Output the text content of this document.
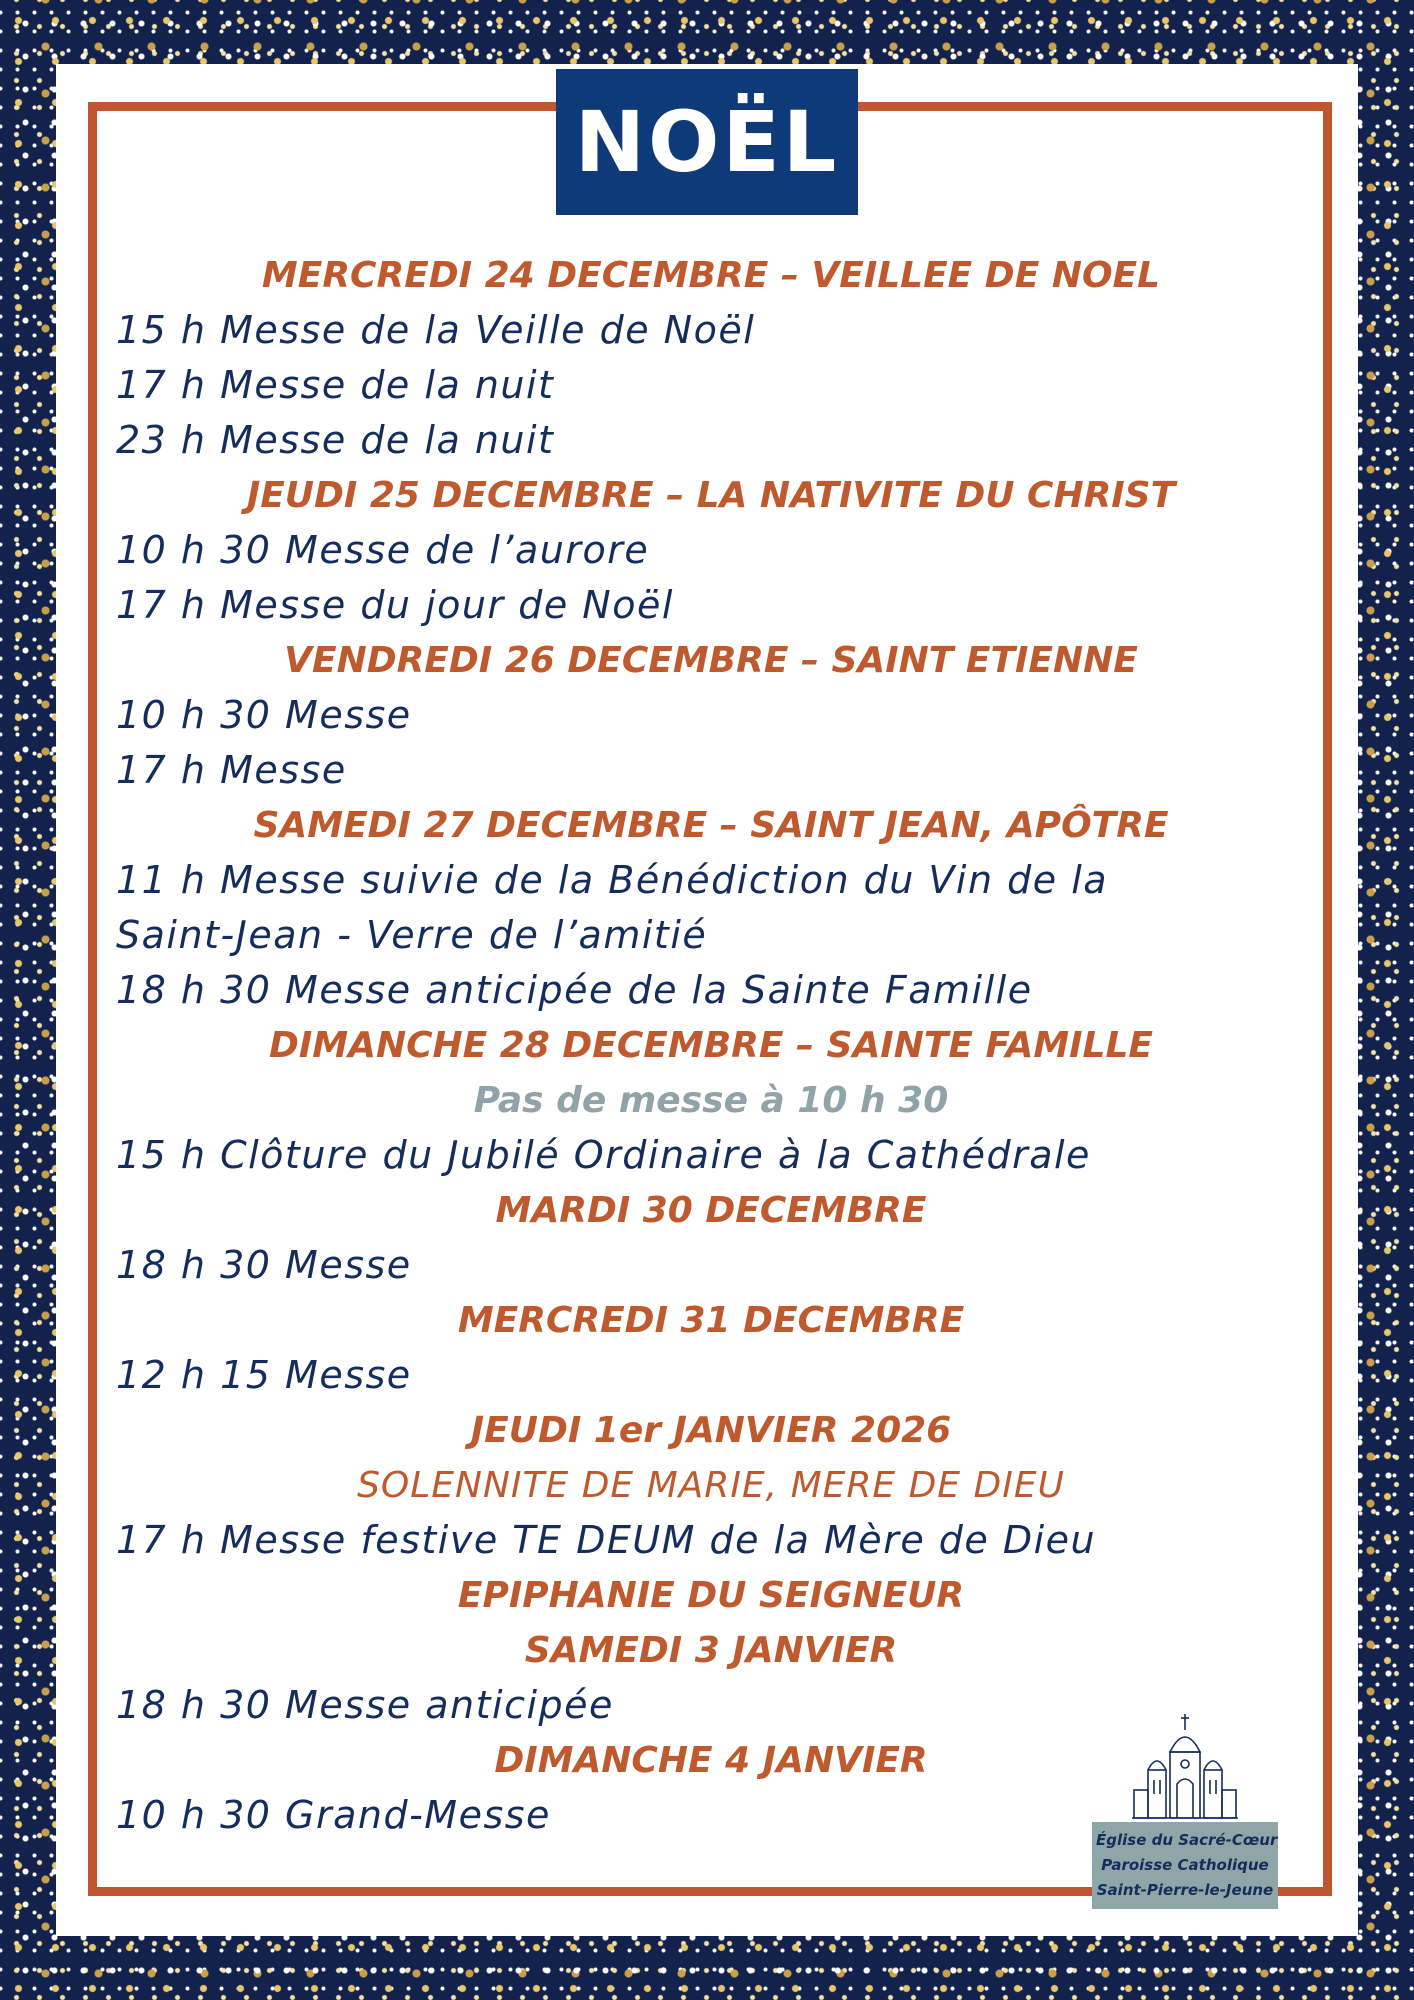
NOËL
MERCREDI 24 DECEMBRE – VEILLEE DE NOEL
15 h Messe de la Veille de Noël
17 h Messe de la nuit
23 h Messe de la nuit
JEUDI 25 DECEMBRE – LA NATIVITE DU CHRIST
10 h 30 Messe de l’aurore
17 h Messe du jour de Noël
VENDREDI 26 DECEMBRE – SAINT ETIENNE
10 h 30 Messe
17 h Messe
SAMEDI 27 DECEMBRE – SAINT JEAN, APÔTRE
11 h Messe suivie de la Bénédiction du Vin de la
Saint-Jean - Verre de l’amitié
18 h 30 Messe anticipée de la Sainte Famille
DIMANCHE 28 DECEMBRE – SAINTE FAMILLE
Pas de messe à 10 h 30
15 h Clôture du Jubilé Ordinaire à la Cathédrale
MARDI 30 DECEMBRE
18 h 30 Messe
MERCREDI 31 DECEMBRE
12 h 15 Messe
JEUDI 1er JANVIER 2026
SOLENNITE DE MARIE, MERE DE DIEU
17 h Messe festive TE DEUM de la Mère de Dieu
EPIPHANIE DU SEIGNEUR
SAMEDI 3 JANVIER
18 h 30 Messe anticipée
DIMANCHE 4 JANVIER
10 h 30 Grand-Messe
Église du Sacré-Cœur
Paroisse Catholique
Saint-Pierre-le-Jeune
